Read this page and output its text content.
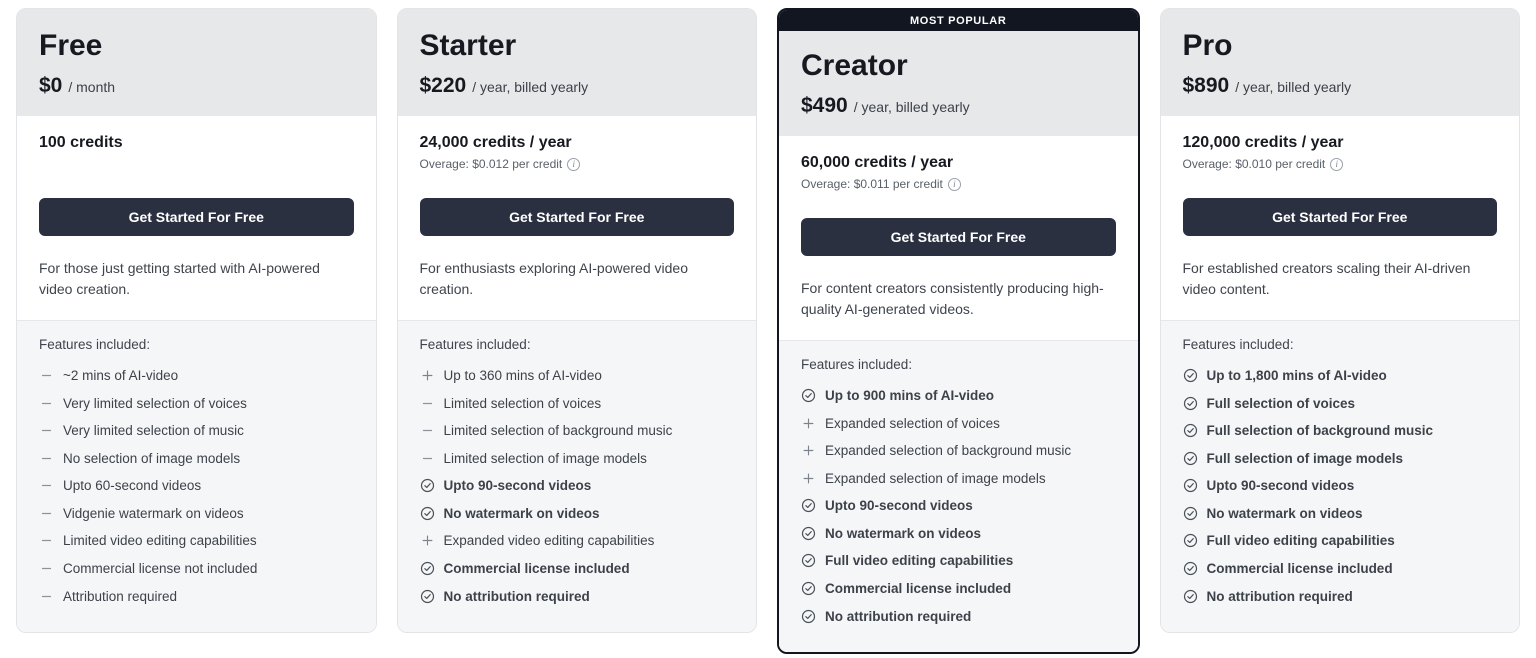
Free
$0 / month
100 credits
Get Started For Free
For those just getting started with AI-powered video creation.
Features included:
~2 mins of AI-video
Very limited selection of voices
Very limited selection of music
No selection of image models
Upto 60-second videos
Vidgenie watermark on videos
Limited video editing capabilities
Commercial license not included
Attribution required
Starter
$220 / year, billed yearly
24,000 credits / year
Overage: $0.012 per credit	i
Get Started For Free
For enthusiasts exploring AI-powered video creation.
Features included:
Up to 360 mins of AI-video
Limited selection of voices
Limited selection of background music
Limited selection of image models
Upto 90-second videos
No watermark on videos
Expanded video editing capabilities
Commercial license included
No attribution required
MOST POPULAR
Creator
$490 / year, billed yearly
60,000 credits / year
Overage: $0.011 per credit	i
Get Started For Free
For content creators consistently producing high-quality AI-generated videos.
Features included:
Up to 900 mins of AI-video
Expanded selection of voices
Expanded selection of background music
Expanded selection of image models
Upto 90-second videos
No watermark on videos
Full video editing capabilities
Commercial license included
No attribution required
Pro
$890 / year, billed yearly
120,000 credits / year
Overage: $0.010 per credit	i
Get Started For Free
For established creators scaling their AI-driven video content.
Features included:
Up to 1,800 mins of AI-video
Full selection of voices
Full selection of background music
Full selection of image models
Upto 90-second videos
No watermark on videos
Full video editing capabilities
Commercial license included
No attribution required
